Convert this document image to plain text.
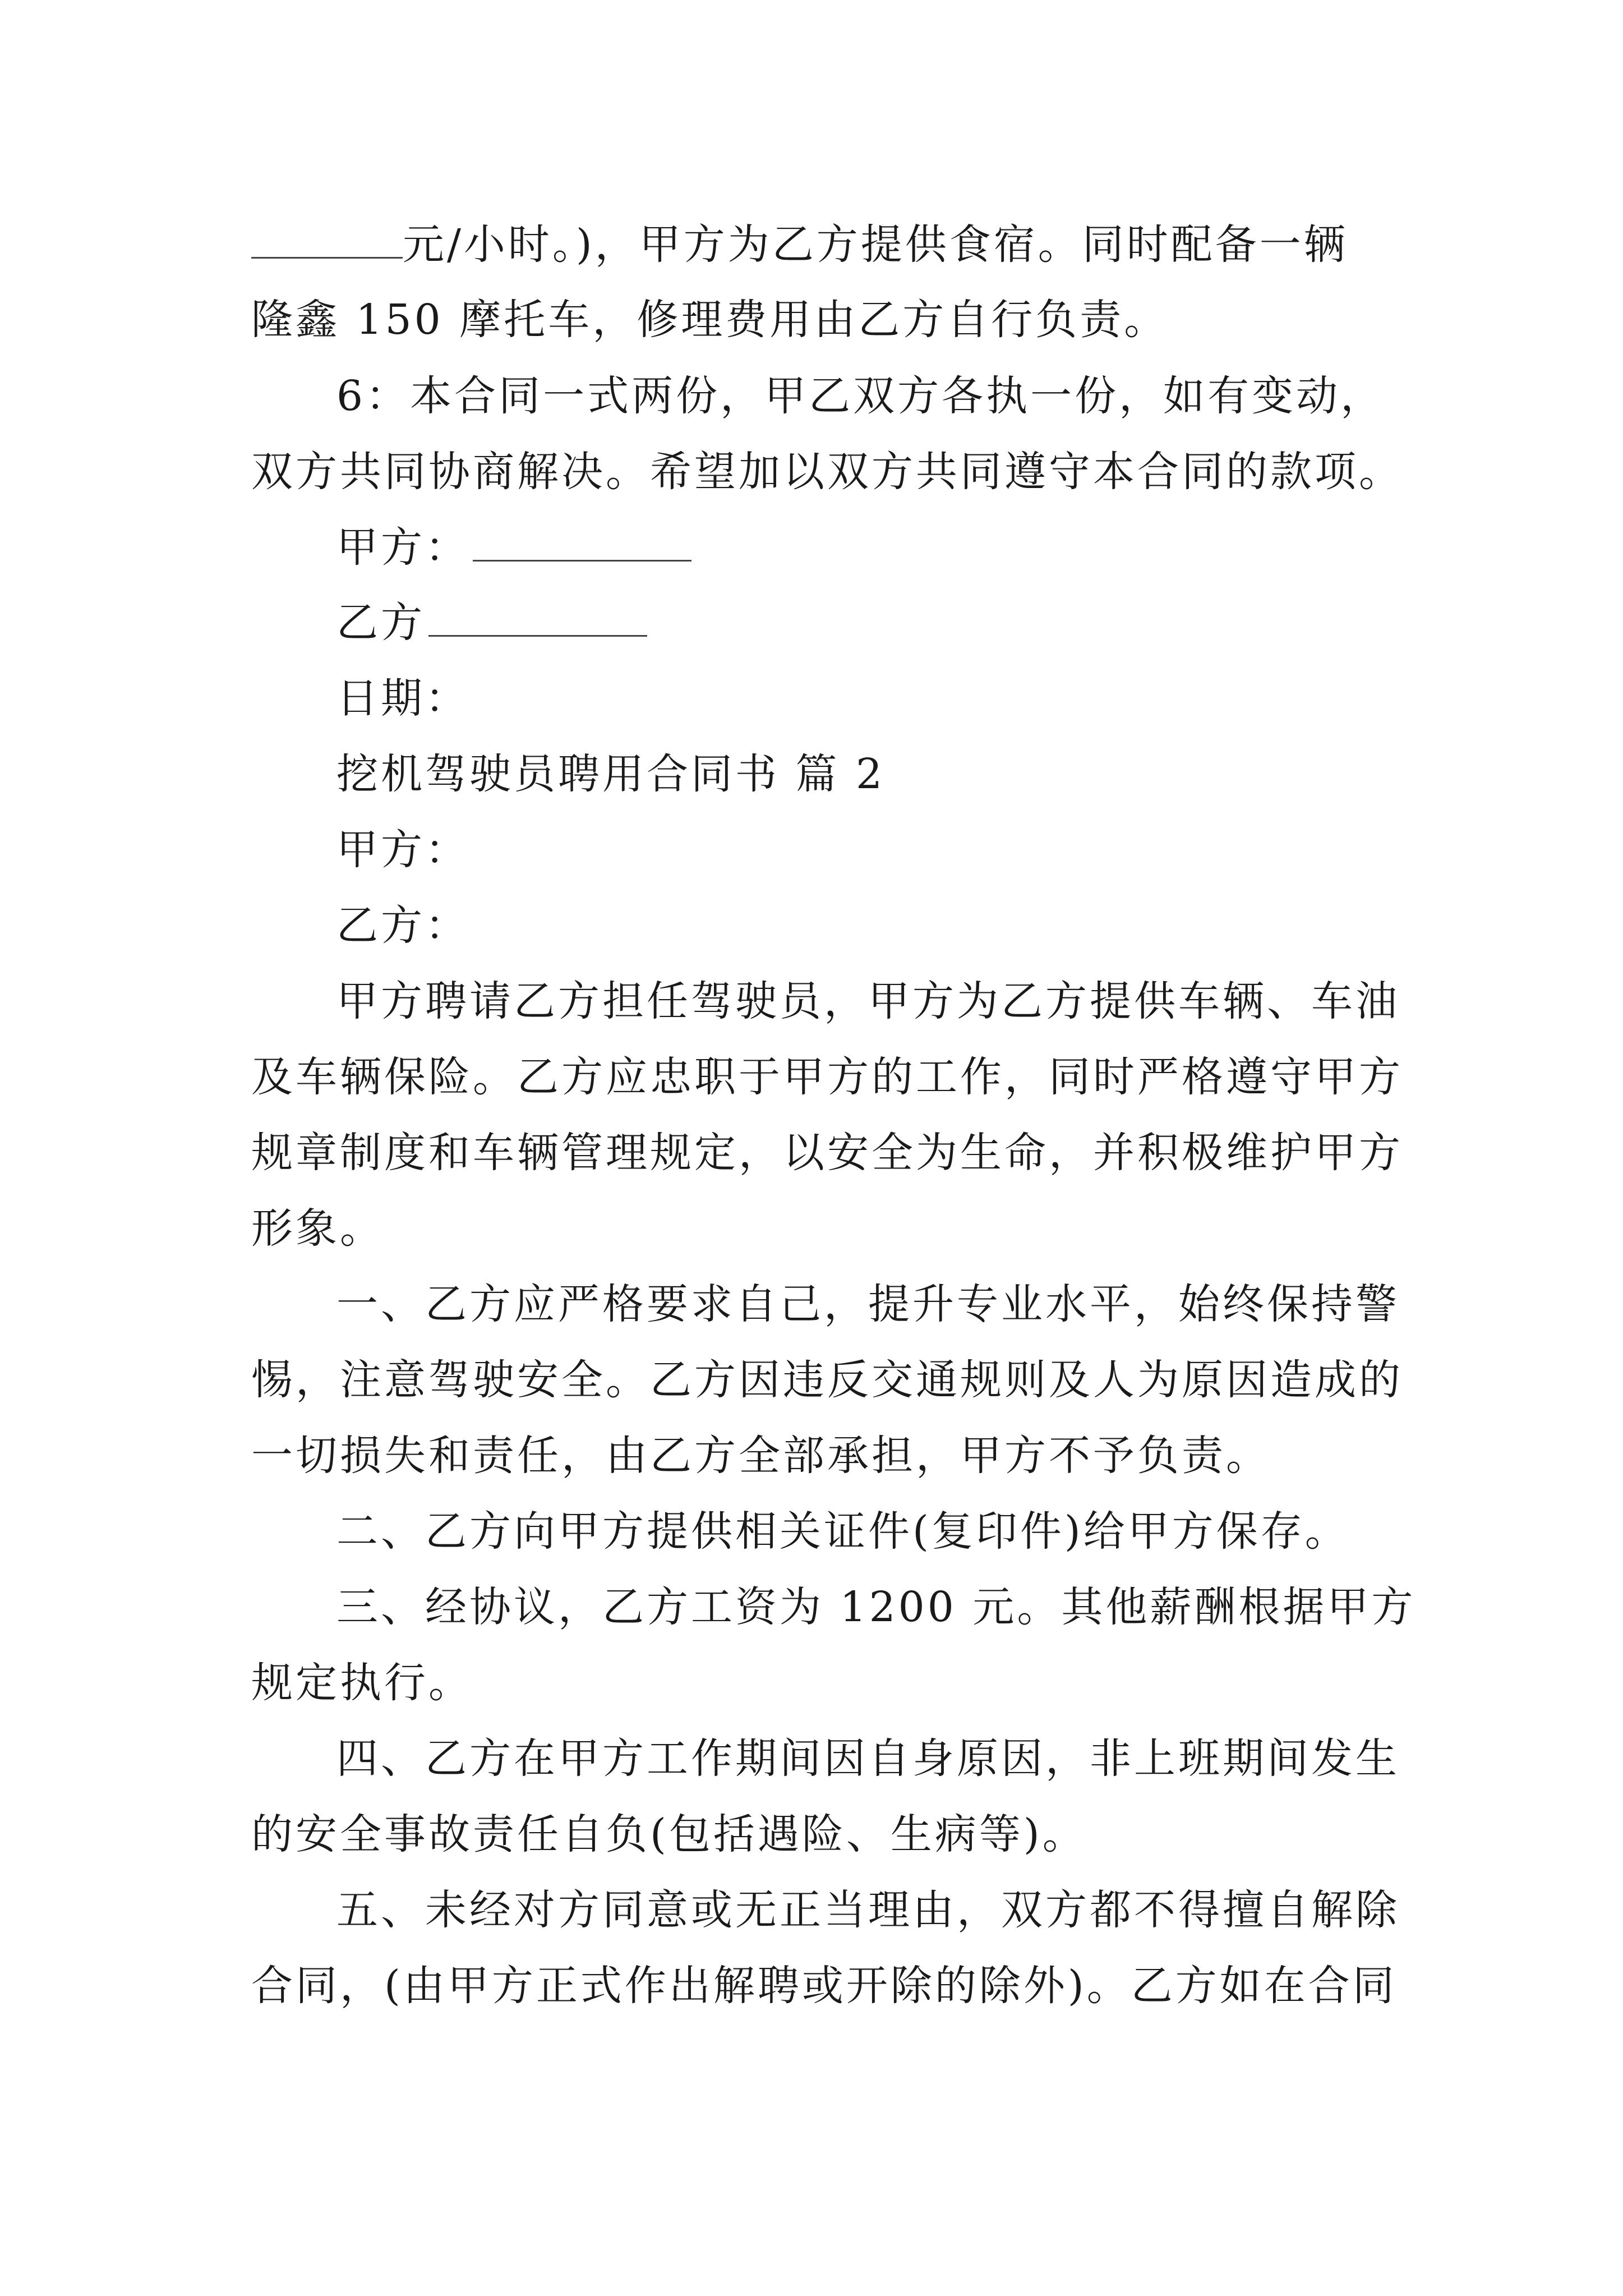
元/小时。)，甲方为乙方提供食宿。同时配备一辆
隆鑫 150 摩托车，修理费用由乙方自行负责。
6：本合同一式两份，甲乙双方各执一份，如有变动，
双方共同协商解决。希望加以双方共同遵守本合同的款项。
甲方：
乙方
日期：
挖机驾驶员聘用合同书 篇 2
甲方：
乙方：
甲方聘请乙方担任驾驶员，甲方为乙方提供车辆、车油
及车辆保险。乙方应忠职于甲方的工作，同时严格遵守甲方
规章制度和车辆管理规定，以安全为生命，并积极维护甲方
形象。
一、乙方应严格要求自己，提升专业水平，始终保持警
惕，注意驾驶安全。乙方因违反交通规则及人为原因造成的
一切损失和责任，由乙方全部承担，甲方不予负责。
二、乙方向甲方提供相关证件(复印件)给甲方保存。
三、经协议，乙方工资为 1200 元。其他薪酬根据甲方
规定执行。
四、乙方在甲方工作期间因自身原因，非上班期间发生
的安全事故责任自负(包括遇险、生病等)。
五、未经对方同意或无正当理由，双方都不得擅自解除
合同，(由甲方正式作出解聘或开除的除外)。乙方如在合同
